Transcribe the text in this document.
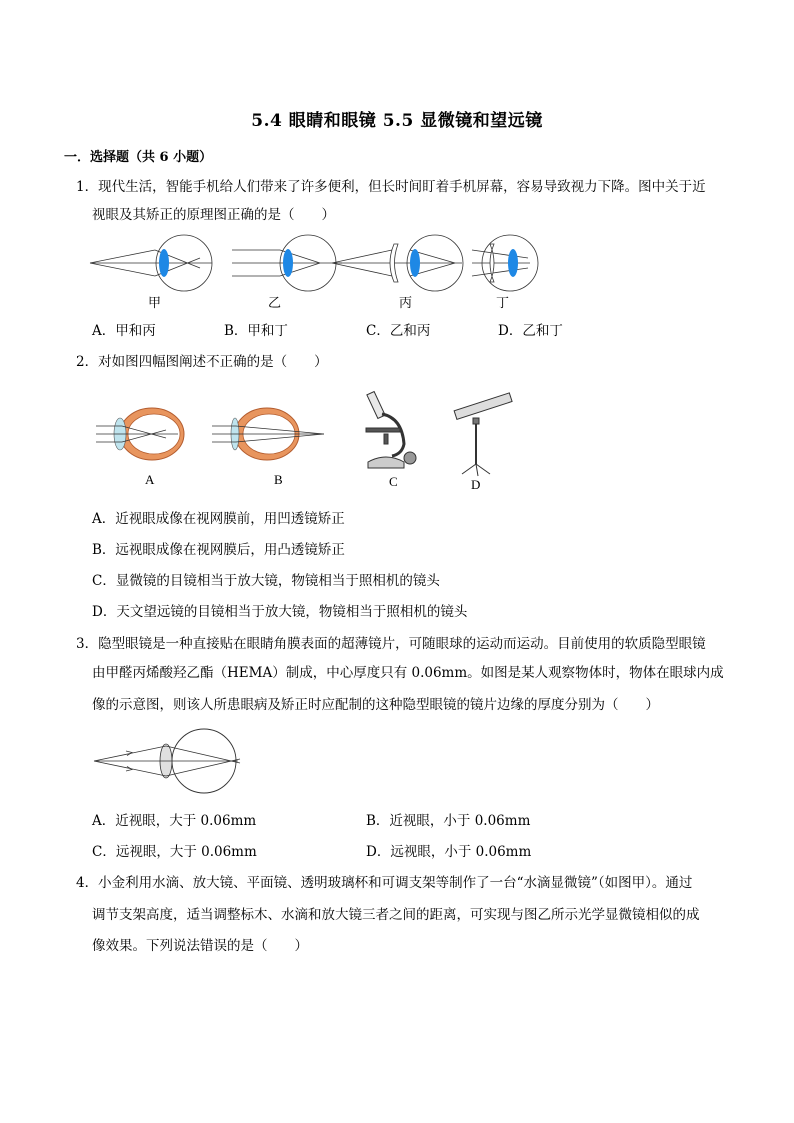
5.4 眼睛和眼镜 5.5 显微镜和望远镜
一．选择题（共 6 小题）
1．现代生活，智能手机给人们带来了许多便利，但长时间盯着手机屏幕，容易导致视力下降。图中关于近
视眼及其矫正的原理图正确的是（　　）
甲	乙	丙	丁
A．甲和丙	B．甲和丁	C．乙和丙	D．乙和丁
2．对如图四幅图阐述不正确的是（　　）
A	B	C	D
A．近视眼成像在视网膜前，用凹透镜矫正
B．远视眼成像在视网膜后，用凸透镜矫正
C．显微镜的目镜相当于放大镜，物镜相当于照相机的镜头
D．天文望远镜的目镜相当于放大镜，物镜相当于照相机的镜头
3．隐型眼镜是一种直接贴在眼睛角膜表面的超薄镜片，可随眼球的运动而运动。目前使用的软质隐型眼镜
由甲醛丙烯酸羟乙酯（HEMA）制成，中心厚度只有 0.06mm。如图是某人观察物体时，物体在眼球内成
像的示意图，则该人所患眼病及矫正时应配制的这种隐型眼镜的镜片边缘的厚度分别为（　　）
A．近视眼，大于 0.06mm	B．近视眼，小于 0.06mm
C．远视眼，大于 0.06mm	D．远视眼，小于 0.06mm
4．小金利用水滴、放大镜、平面镜、透明玻璃杯和可调支架等制作了一台“水滴显微镜”（如图甲）。通过
调节支架高度，适当调整标木、水滴和放大镜三者之间的距离，可实现与图乙所示光学显微镜相似的成
像效果。下列说法错误的是（　　）
